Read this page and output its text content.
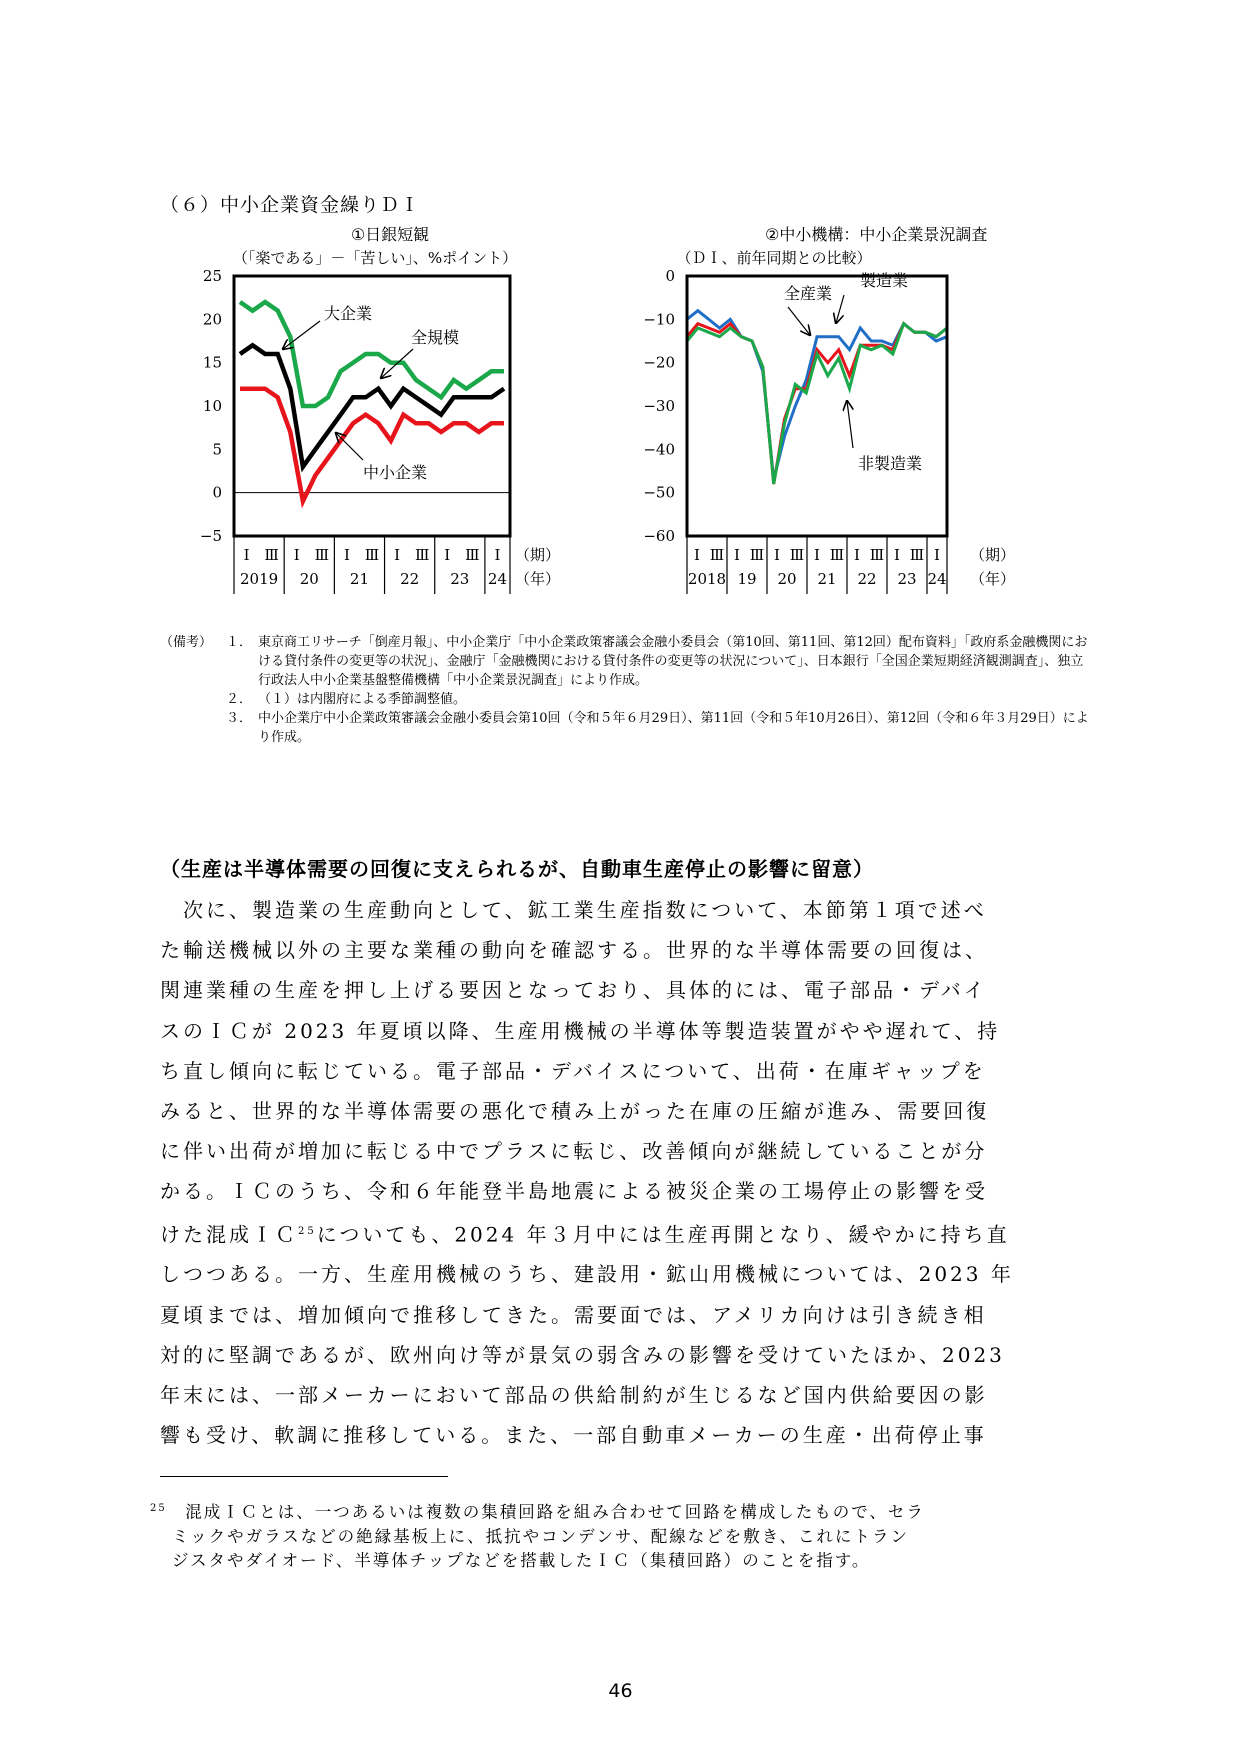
（６）中小企業資金繰りＤＩ
①日銀短観
（「楽である」－「苦しい」、%ポイント）
25
20
15
10
5
0
−5
大企業
全規模
中小企業
Ⅰ Ⅲ Ⅰ Ⅲ Ⅰ Ⅲ Ⅰ Ⅲ Ⅰ Ⅲ Ⅰ
2019 20 21 22 23 24
（期）
（年）
②中小機構：中小企業景況調査
（ＤＩ、前年同期との比較）
0
−10
−20
−30
−40
−50
−60
全産業
製造業
非製造業
Ⅰ Ⅲ Ⅰ Ⅲ Ⅰ Ⅲ Ⅰ Ⅲ Ⅰ Ⅲ Ⅰ Ⅲ Ⅰ
2018 19 20 21 22 23 24
（期）
（年）
（備考）	１． 東京商工リサーチ「倒産月報」、中小企業庁「中小企業政策審議会金融小委員会（第10回、第11回、第12回）配布資料」「政府系金融機関における貸付条件の変更等の状況」、金融庁「金融機関における貸付条件の変更等の状況について」、日本銀行「全国企業短期経済観測調査」、独立行政法人中小企業基盤整備機構「中小企業景況調査」により作成。
２． （１）は内閣府による季節調整値。
３． 中小企業庁中小企業政策審議会金融小委員会第10回（令和５年６月29日）、第11回（令和５年10月26日）、第12回（令和６年３月29日）により作成。
（生産は半導体需要の回復に支えられるが、自動車生産停止の影響に留意）
　次に、製造業の生産動向として、鉱工業生産指数について、本節第１項で述べ
た輸送機械以外の主要な業種の動向を確認する。世界的な半導体需要の回復は、
関連業種の生産を押し上げる要因となっており、具体的には、電子部品・デバイ
スのＩＣが 2023 年夏頃以降、生産用機械の半導体等製造装置がやや遅れて、持
ち直し傾向に転じている。電子部品・デバイスについて、出荷・在庫ギャップを
みると、世界的な半導体需要の悪化で積み上がった在庫の圧縮が進み、需要回復
に伴い出荷が増加に転じる中でプラスに転じ、改善傾向が継続していることが分
かる。ＩＣのうち、令和６年能登半島地震による被災企業の工場停止の影響を受
けた混成ＩＣ$^{25}$についても、2024 年３月中には生産再開となり、緩やかに持ち直
しつつある。一方、生産用機械のうち、建設用・鉱山用機械については、2023 年
夏頃までは、増加傾向で推移してきた。需要面では、アメリカ向けは引き続き相
対的に堅調であるが、欧州向け等が景気の弱含みの影響を受けていたほか、2023
年末には、一部メーカーにおいて部品の供給制約が生じるなど国内供給要因の影
響も受け、軟調に推移している。また、一部自動車メーカーの生産・出荷停止事
$^{25}$　 混成ＩＣとは、一つあるいは複数の集積回路を組み合わせて回路を構成したもので、セラ
ミックやガラスなどの絶縁基板上に、抵抗やコンデンサ、配線などを敷き、これにトラン
ジスタやダイオード、半導体チップなどを搭載したＩＣ（集積回路）のことを指す。
46
